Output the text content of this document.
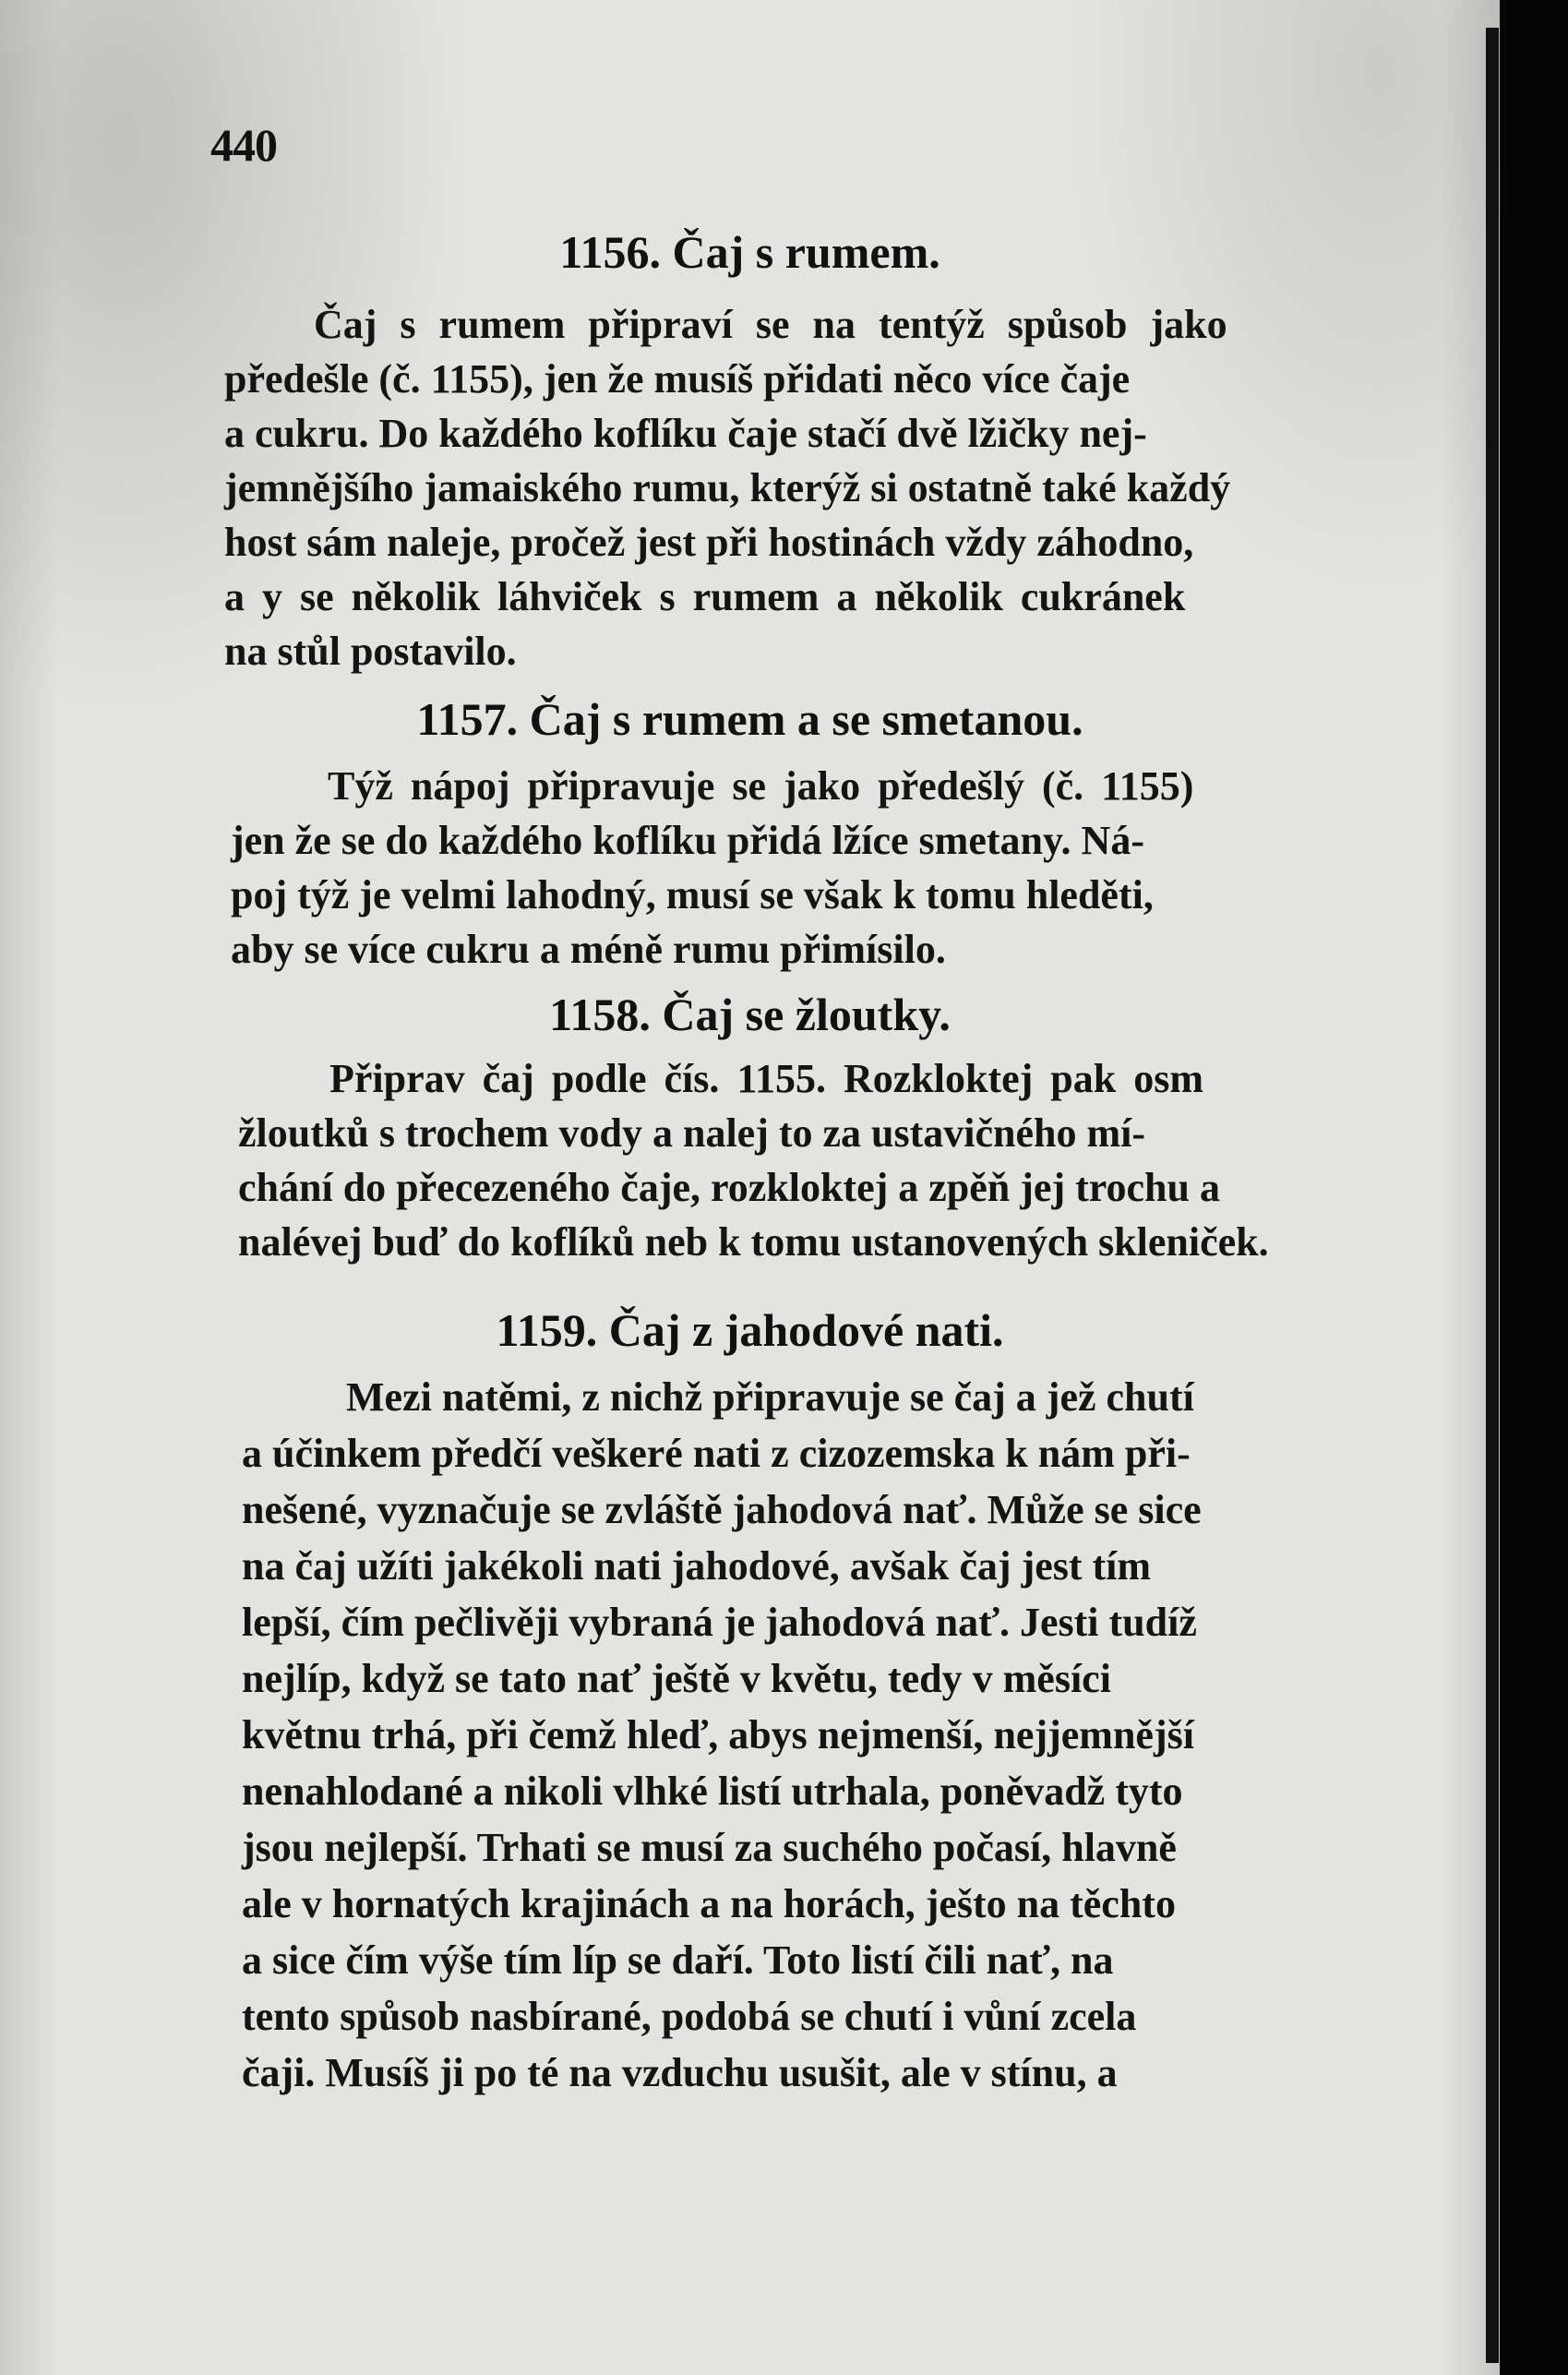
440
1156. Čaj s rumem.

Čaj s rumem připraví se na tentýž spůsob jako

předešle (č. 1155), jen že musíš přidati něco více čaje

a cukru. Do každého koflíku čaje stačí dvě lžičky nej-

jemnějšího jamaiského rumu, kterýž si ostatně také každý

host sám naleje, pročež jest při hostinách vždy záhodno,

a y se několik láhviček s rumem a několik cukránek

na stůl postavilo.

1157. Čaj s rumem a se smetanou.

Týž nápoj připravuje se jako předešlý (č. 1155)

jen že se do každého koflíku přidá lžíce smetany. Ná-

poj týž je velmi lahodný, musí se však k tomu hleděti,

aby se více cukru a méně rumu přimísilo.

1158. Čaj se žloutky.

Připrav čaj podle čís. 1155. Rozkloktej pak osm

žloutků s trochem vody a nalej to za ustavičného mí-

chání do přecezeného čaje, rozkloktej a zpěň jej trochu a

nalévej buď do koflíků neb k tomu ustanovených skleniček.

1159. Čaj z jahodové nati.

Mezi natěmi, z nichž připravuje se čaj a jež chutí

a účinkem předčí veškeré nati z cizozemska k nám při-

nešené, vyznačuje se zvláště jahodová nať. Může se sice

na čaj užíti jakékoli nati jahodové, avšak čaj jest tím

lepší, čím pečlivěji vybraná je jahodová nať. Jesti tudíž

nejlíp, když se tato nať ještě v květu, tedy v měsíci

květnu trhá, při čemž hleď, abys nejmenší, nejjemnější

nenahlodané a nikoli vlhké listí utrhala, poněvadž tyto

jsou nejlepší. Trhati se musí za suchého počasí, hlavně

ale v hornatých krajinách a na horách, ješto na těchto

a sice čím výše tím líp se daří. Toto listí čili nať, na

tento spůsob nasbírané, podobá se chutí i vůní zcela

čaji. Musíš ji po té na vzduchu usušit, ale v stínu, a
